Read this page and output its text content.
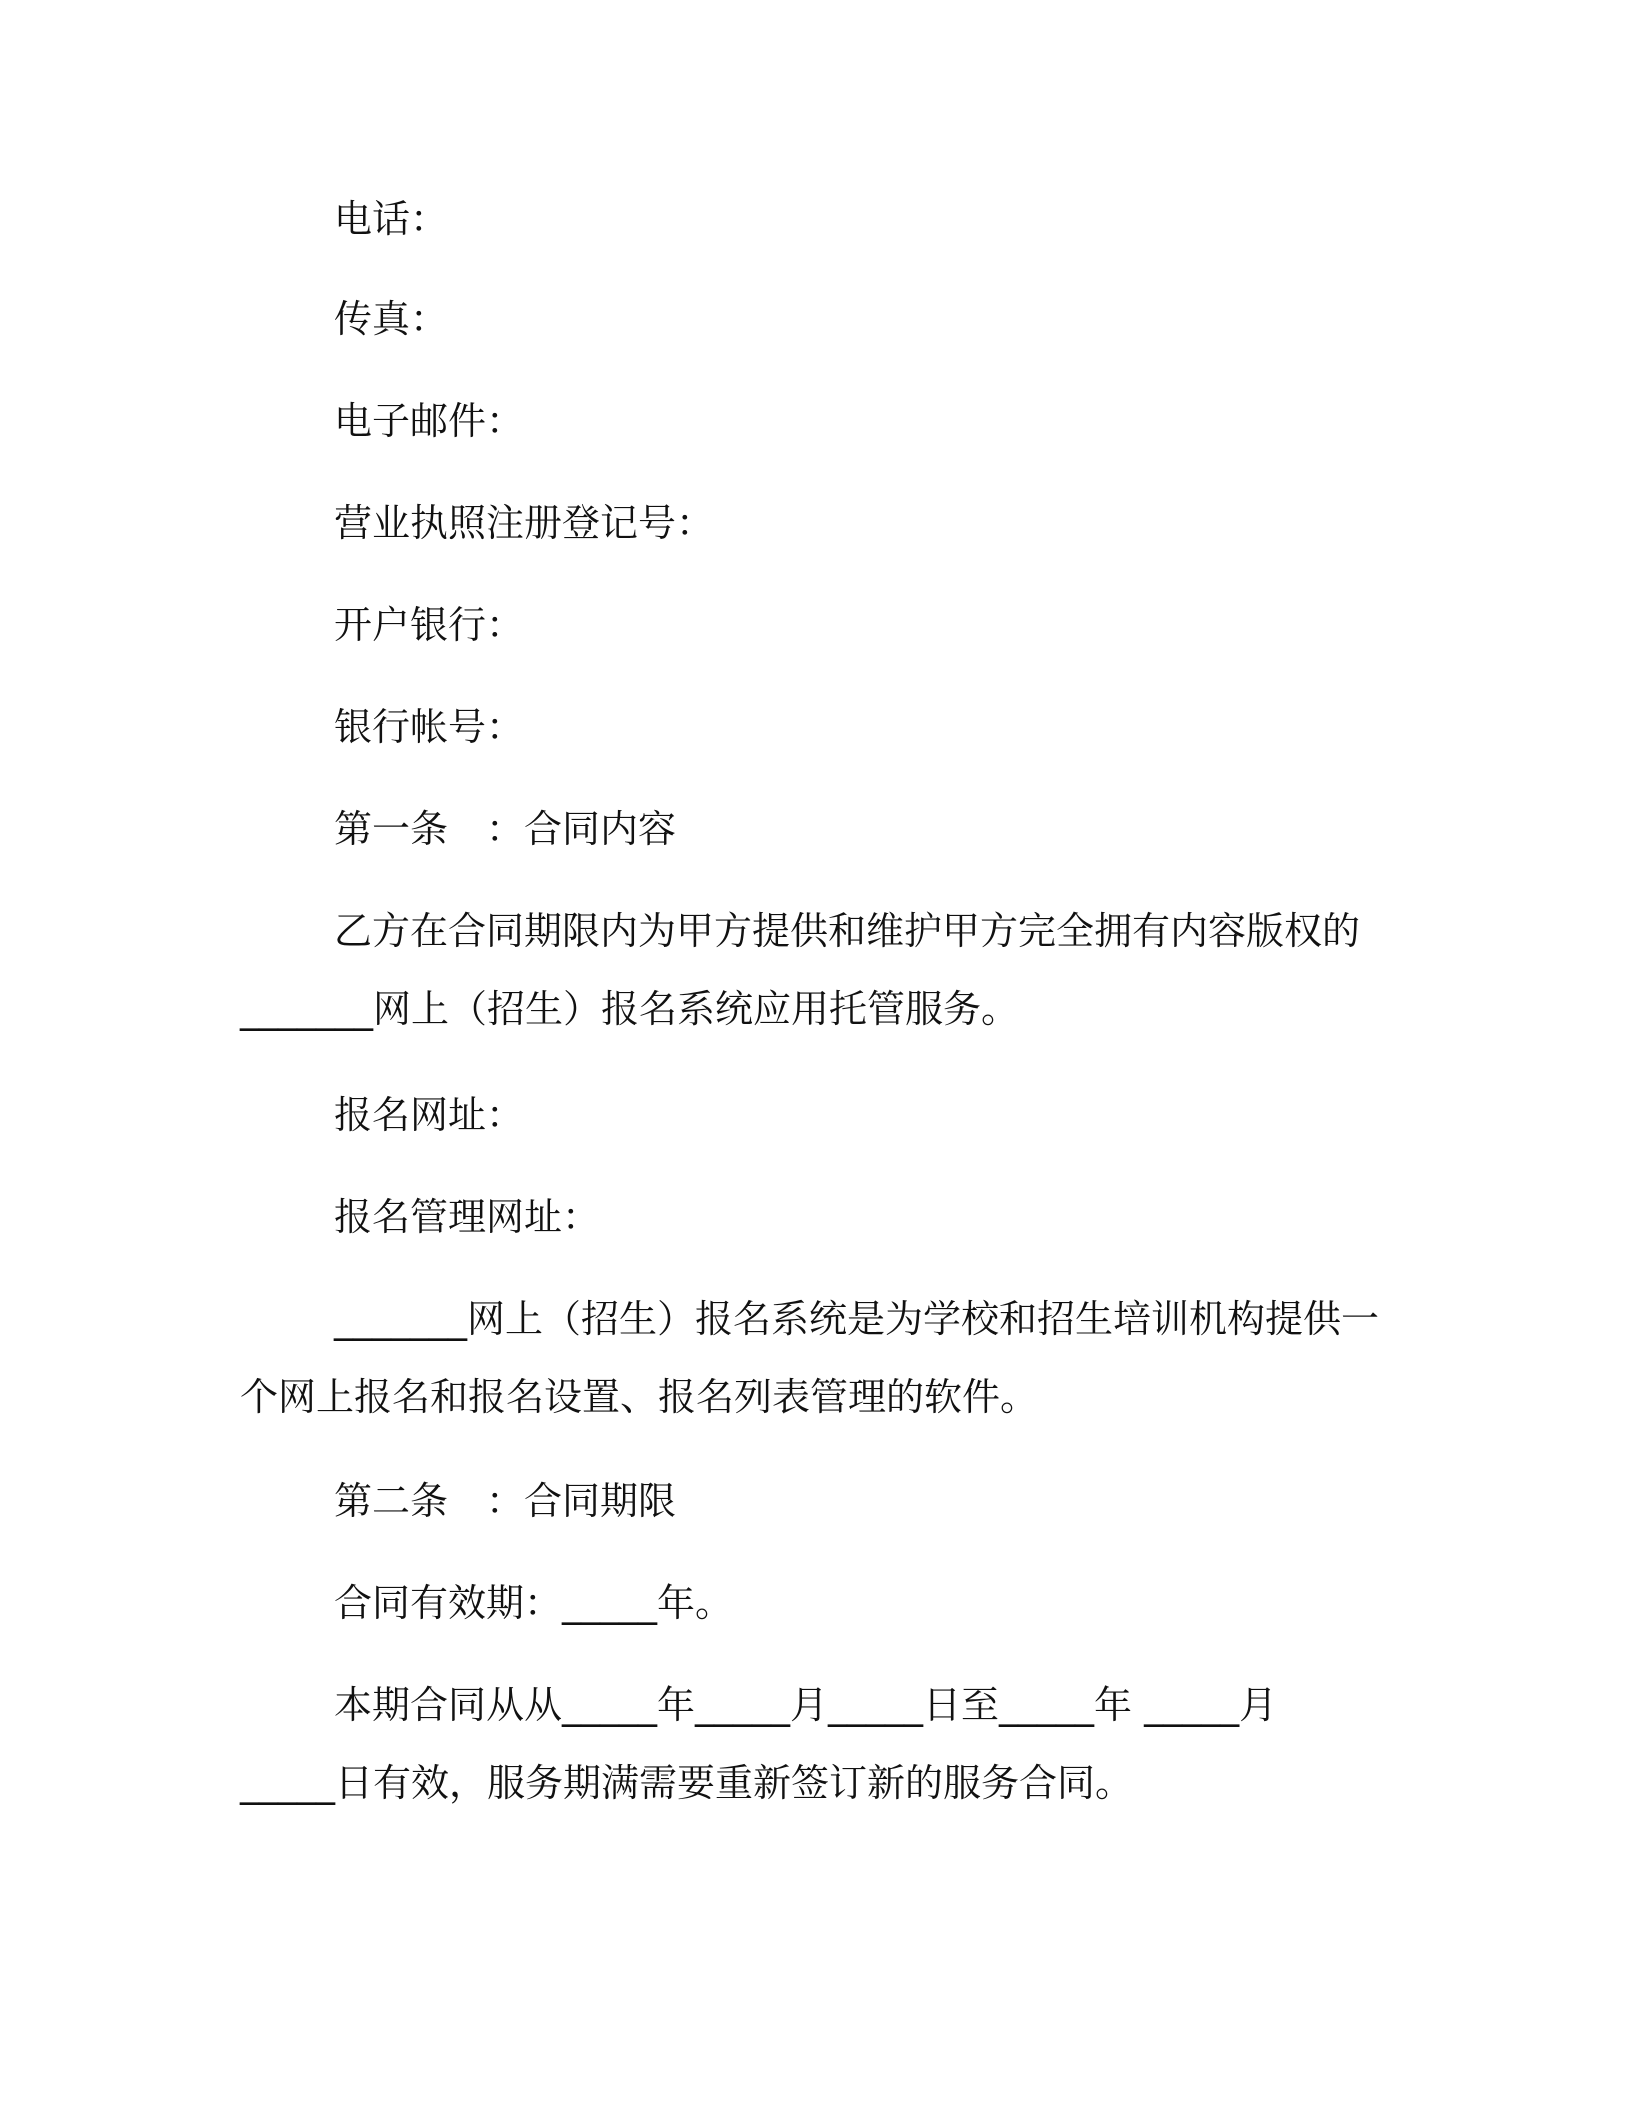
电话：
传真：
电子邮件：
营业执照注册登记号：
开户银行：
银行帐号：
第一条　：合同内容
乙方在合同期限内为甲方提供和维护甲方完全拥有内容版权的
_______网上（招生）报名系统应用托管服务。
报名网址：
报名管理网址：
_______网上（招生）报名系统是为学校和招生培训机构提供一
个网上报名和报名设置、报名列表管理的软件。
第二条　：合同期限
合同有效期：_____年。
本期合同从从_____年_____月_____日至_____年 _____月
_____日有效，服务期满需要重新签订新的服务合同。
